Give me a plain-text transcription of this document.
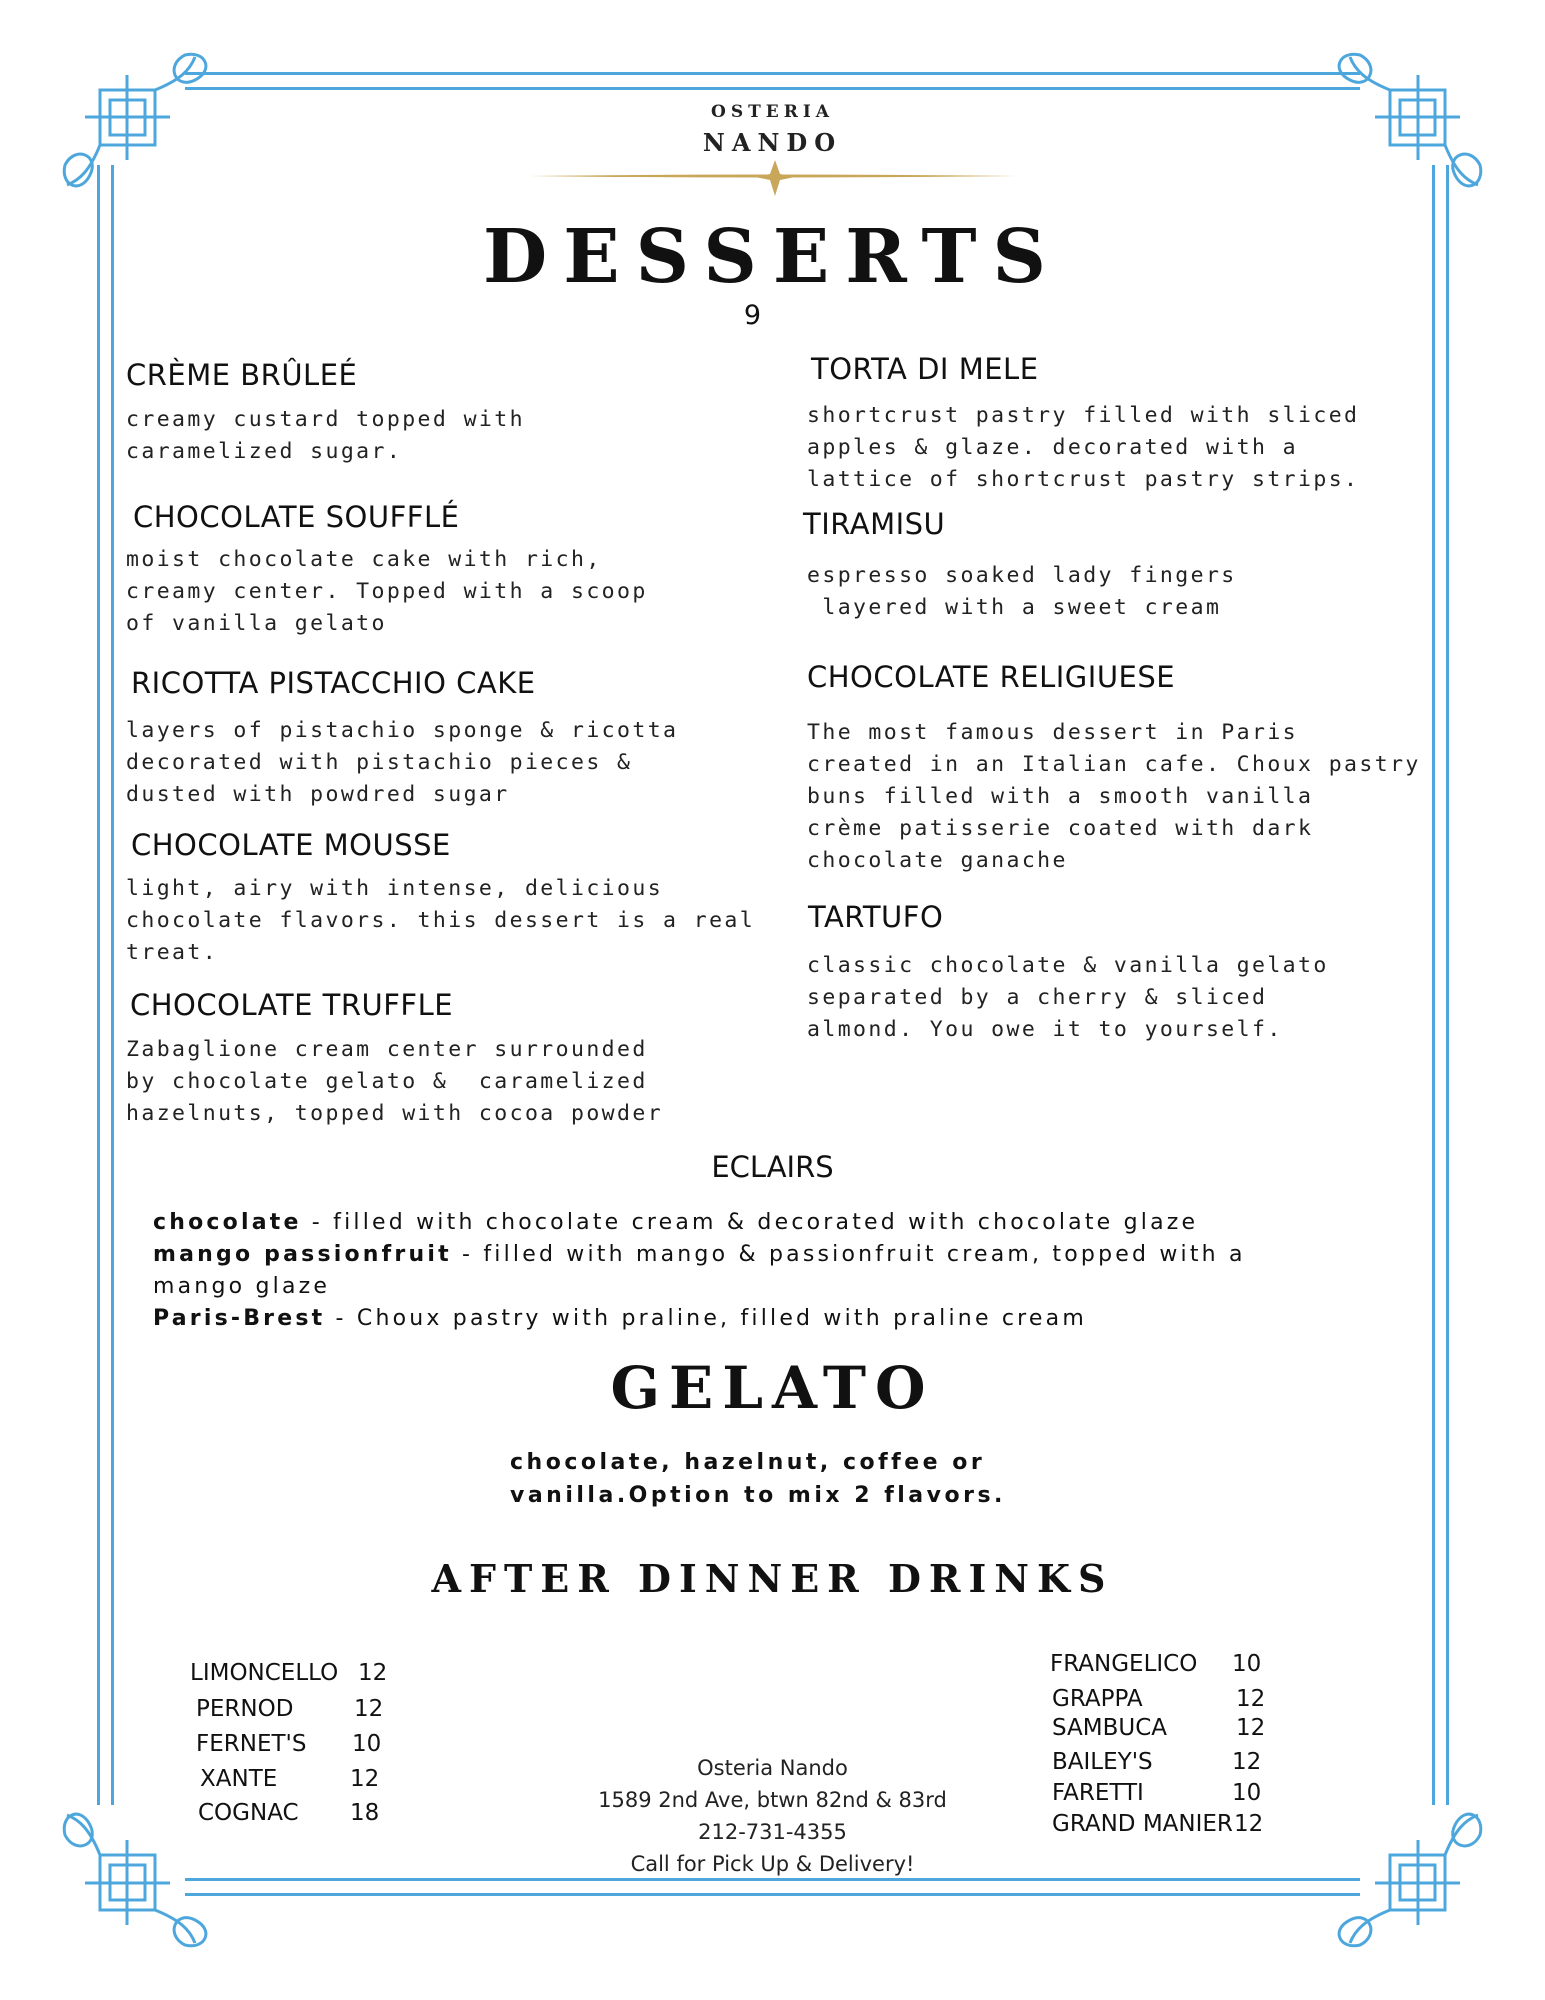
OSTERIA
NANDO
DESSERTS
9
CRÈME BRÛLEÉ
creamy custard topped with
caramelized sugar.
CHOCOLATE SOUFFLÉ
moist chocolate cake with rich,
creamy center. Topped with a scoop
of vanilla gelato
RICOTTA PISTACCHIO CAKE
layers of pistachio sponge & ricotta
decorated with pistachio pieces &
dusted with powdred sugar
CHOCOLATE MOUSSE
light, airy with intense, delicious
chocolate flavors. this dessert is a real
treat.
CHOCOLATE TRUFFLE
Zabaglione cream center surrounded
by chocolate gelato &  caramelized
hazelnuts, topped with cocoa powder
TORTA DI MELE
shortcrust pastry filled with sliced
apples & glaze. decorated with a
lattice of shortcrust pastry strips.
TIRAMISU
espresso soaked lady fingers
layered with a sweet cream
CHOCOLATE RELIGIUESE
The most famous dessert in Paris
created in an Italian cafe. Choux pastry
buns filled with a smooth vanilla
crème patisserie coated with dark
chocolate ganache
TARTUFO
classic chocolate & vanilla gelato
separated by a cherry & sliced
almond. You owe it to yourself.
ECLAIRS
chocolate - filled with chocolate cream & decorated with chocolate glaze
mango passionfruit - filled with mango & passionfruit cream, topped with a
mango glaze
Paris-Brest - Choux pastry with praline, filled with praline cream
GELATO
chocolate, hazelnut, coffee or
vanilla.Option to mix 2 flavors.
AFTER DINNER DRINKS
LIMONCELLO 12
PERNOD	12
FERNET'S 10
XANTE	12
COGNAC 18
FRANGELICO 10
GRAPPA	12
SAMBUCA	12
BAILEY'S	12
FARETTI	10
GRAND MANIER 12
Osteria Nando
1589 2nd Ave, btwn 82nd & 83rd
212-731-4355
Call for Pick Up & Delivery!
